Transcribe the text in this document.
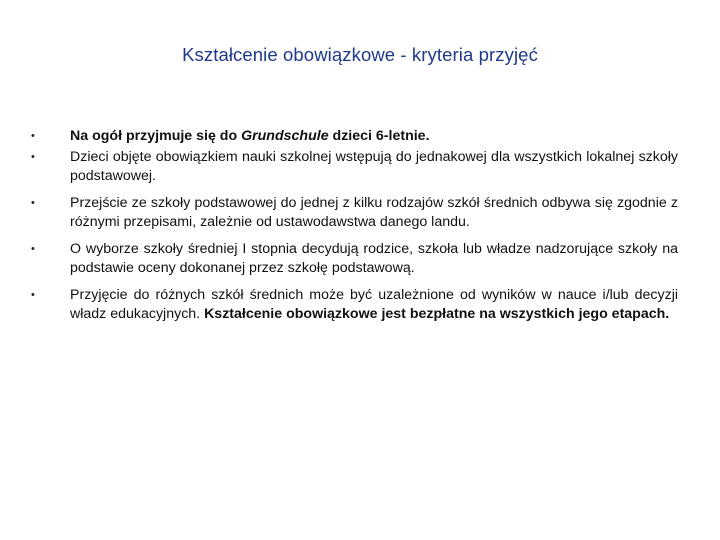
Kształcenie obowiązkowe - kryteria przyjęć
•	Na ogół przyjmuje się do Grundschule dzieci 6-letnie.
•	Dzieci objęte obowiązkiem nauki szkolnej wstępują do jednakowej dla wszystkich lokalnej szkoły podstawowej.
•	Przejście ze szkoły podstawowej do jednej z kilku rodzajów szkół średnich odbywa się zgodnie z różnymi przepisami, zależnie od ustawodawstwa danego landu.
•	O wyborze szkoły średniej I stopnia decydują rodzice, szkoła lub władze nadzorujące szkoły na podstawie oceny dokonanej przez szkołę podstawową.
•	Przyjęcie do różnych szkół średnich może być uzależnione od wyników w nauce i/lub decyzji władz edukacyjnych. Kształcenie obowiązkowe jest bezpłatne na wszystkich jego etapach.
